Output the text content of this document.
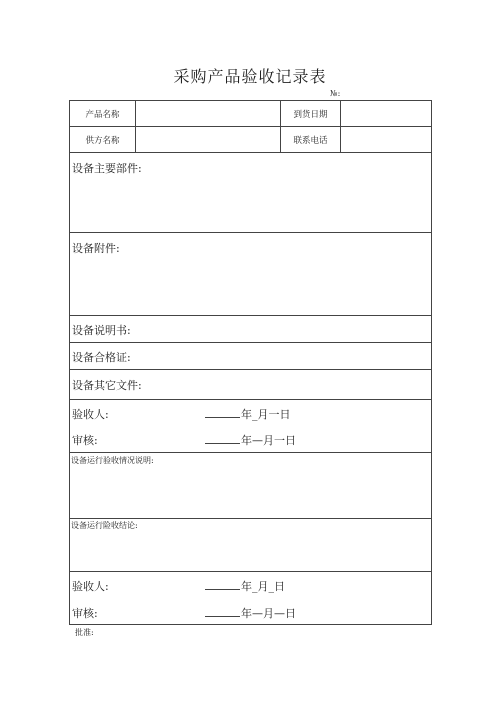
采购产品验收记录表
№:
产品名称	到货日期
供方名称	联系电话
设备主要部件:
设备附件:
设备说明书:
设备合格证:
设备其它文件:
验收人:	年_月一日
审核:	年—月一日
设备运行验收情况说明:
设备运行险收结论:
验收人:	年_月_日
审核:	年—月—日
批准:
